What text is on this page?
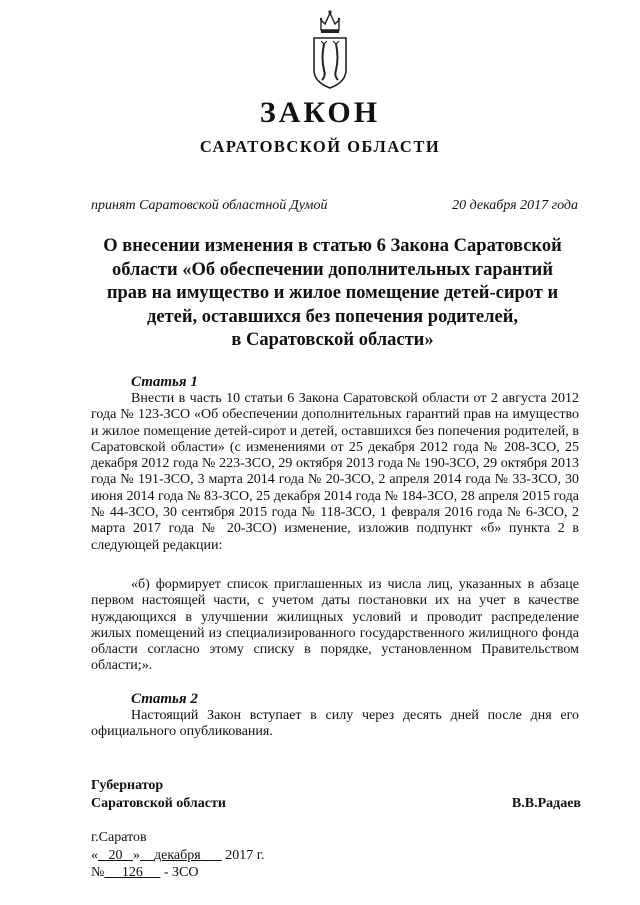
ЗАКОН
САРАТОВСКОЙ ОБЛАСТИ
принят Саратовской областной Думой	20 декабря 2017 года
О внесении изменения в статью 6 Закона Саратовской
области «Об обеспечении дополнительных гарантий
прав на имущество и жилое помещение детей-сирот и
детей, оставшихся без попечения родителей,
в Саратовской области»
Статья 1

Внести в часть 10 статьи 6 Закона Саратовской области от 2 августа 2012 года № 123-ЗСО «Об обеспечении дополнительных гарантий прав на имущество и жилое помещение детей-сирот и детей, оставшихся без попечения родителей, в Саратовской области» (с изменениями от 25 декабря 2012 года № 208-ЗСО, 25 декабря 2012 года № 223-ЗСО, 29 октября 2013 года № 190-ЗСО, 29 октября 2013 года № 191-ЗСО, 3 марта 2014 года № 20-ЗСО, 2 апреля 2014 года № 33-ЗСО, 30 июня 2014 года № 83-ЗСО, 25 декабря 2014 года № 184-ЗСО, 28 апреля 2015 года № 44-ЗСО, 30 сентября 2015 года № 118-ЗСО, 1 февраля 2016 года № 6-ЗСО, 2 марта 2017 года № 20-ЗСО) изменение, изложив подпункт «б» пункта 2 в следующей редакции:

«б) формирует список приглашенных из числа лиц, указанных в абзаце первом настоящей части, с учетом даты постановки их на учет в качестве нуждающихся в улучшении жилищных условий и проводит распределение жилых помещений из специализированного государственного жилищного фонда области согласно этому списку в порядке, установленном Правительством области;».

Статья 2

Настоящий Закон вступает в силу через десять дней после дня его официального опубликования.

Губернатор
Саратовской области	В.В.Радаев
г.Саратов
« 20 » декабря 2017 г.
№ 126 - ЗСО
